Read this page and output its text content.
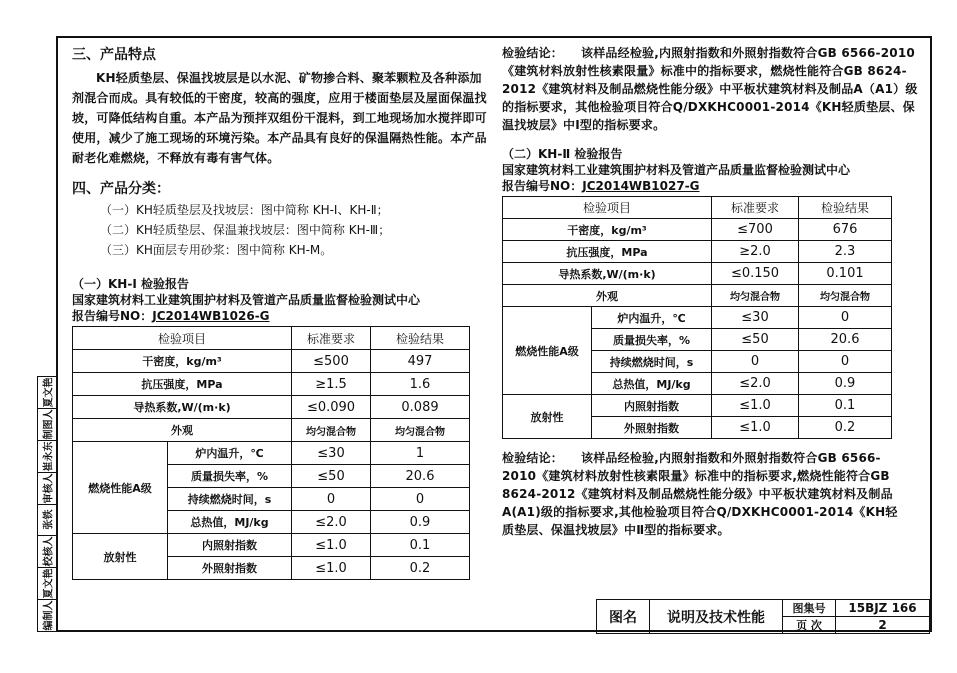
编制人
夏文艳
校核人
张铁
审核人
崔永东
制图人
夏文艳
三、产品特点

KH轻质垫层、保温找坡层是以水泥、矿物掺合料、聚苯颗粒及各种添加剂混合而成。具有较低的干密度，较高的强度，应用于楼面垫层及屋面保温找坡，可降低结构自重。本产品为预拌双组份干混料，到工地现场加水搅拌即可使用，减少了施工现场的环境污染。本产品具有良好的保温隔热性能。本产品耐老化难燃烧，不释放有毒有害气体。

四、产品分类：
（一）KH轻质垫层及找坡层：图中简称 KH-Ⅰ、KH-Ⅱ；
（二）KH轻质垫层、保温兼找坡层：图中简称 KH-Ⅲ；
（三）KH面层专用砂浆：图中简称 KH-M。
（一）KH-Ⅰ 检验报告
国家建筑材料工业建筑围护材料及管道产品质量监督检验测试中心
报告编号NO：JC2014WB1026-G
检验项目		标准要求	检验结果
干密度，kg/m³		≤500	497
抗压强度，MPa		≥1.5	1.6
导热系数,W/(m·k)		≤0.090	0.089
外观		均匀混合物	均匀混合物
燃烧性能A级	炉内温升，℃	≤30	1
	质量损失率，%	≤50	20.6
	持续燃烧时间，s	0	0
	总热值，MJ/kg	≤2.0	0.9
放射性	内照射指数	≤1.0	0.1
	外照射指数	≤1.0	0.2

检验结论： 该样品经检验,内照射指数和外照射指数符合GB 6566-2010《建筑材料放射性核素限量》标准中的指标要求，燃烧性能符合GB 8624-2012《建筑材料及制品燃烧性能分级》中平板状建筑材料及制品A（A1）级的指标要求，其他检验项目符合Q/DXKHC0001-2014《KH轻质垫层、保温找坡层》中Ⅰ型的指标要求。

（二）KH-Ⅱ 检验报告
国家建筑材料工业建筑围护材料及管道产品质量监督检验测试中心
报告编号NO：JC2014WB1027-G
检验项目		标准要求	检验结果
干密度，kg/m³		≤700	676
抗压强度，MPa		≥2.0	2.3
导热系数,W/(m·k)		≤0.150	0.101
外观		均匀混合物	均匀混合物
燃烧性能A级	炉内温升，℃	≤30	0
	质量损失率，%	≤50	20.6
	持续燃烧时间，s	0	0
	总热值，MJ/kg	≤2.0	0.9
放射性	内照射指数	≤1.0	0.1
	外照射指数	≤1.0	0.2

检验结论： 该样品经检验,内照射指数和外照射指数符合GB 6566-2010《建筑材料放射性核素限量》标准中的指标要求,燃烧性能符合GB 8624-2012《建筑材料及制品燃烧性能分级》中平板状建筑材料及制品A(A1)级的指标要求,其他检验项目符合Q/DXKHC0001-2014《KH轻质垫层、保温找坡层》中Ⅱ型的指标要求。

图名	说明及技术性能	图集号	15BJZ 166
		页 次	2
